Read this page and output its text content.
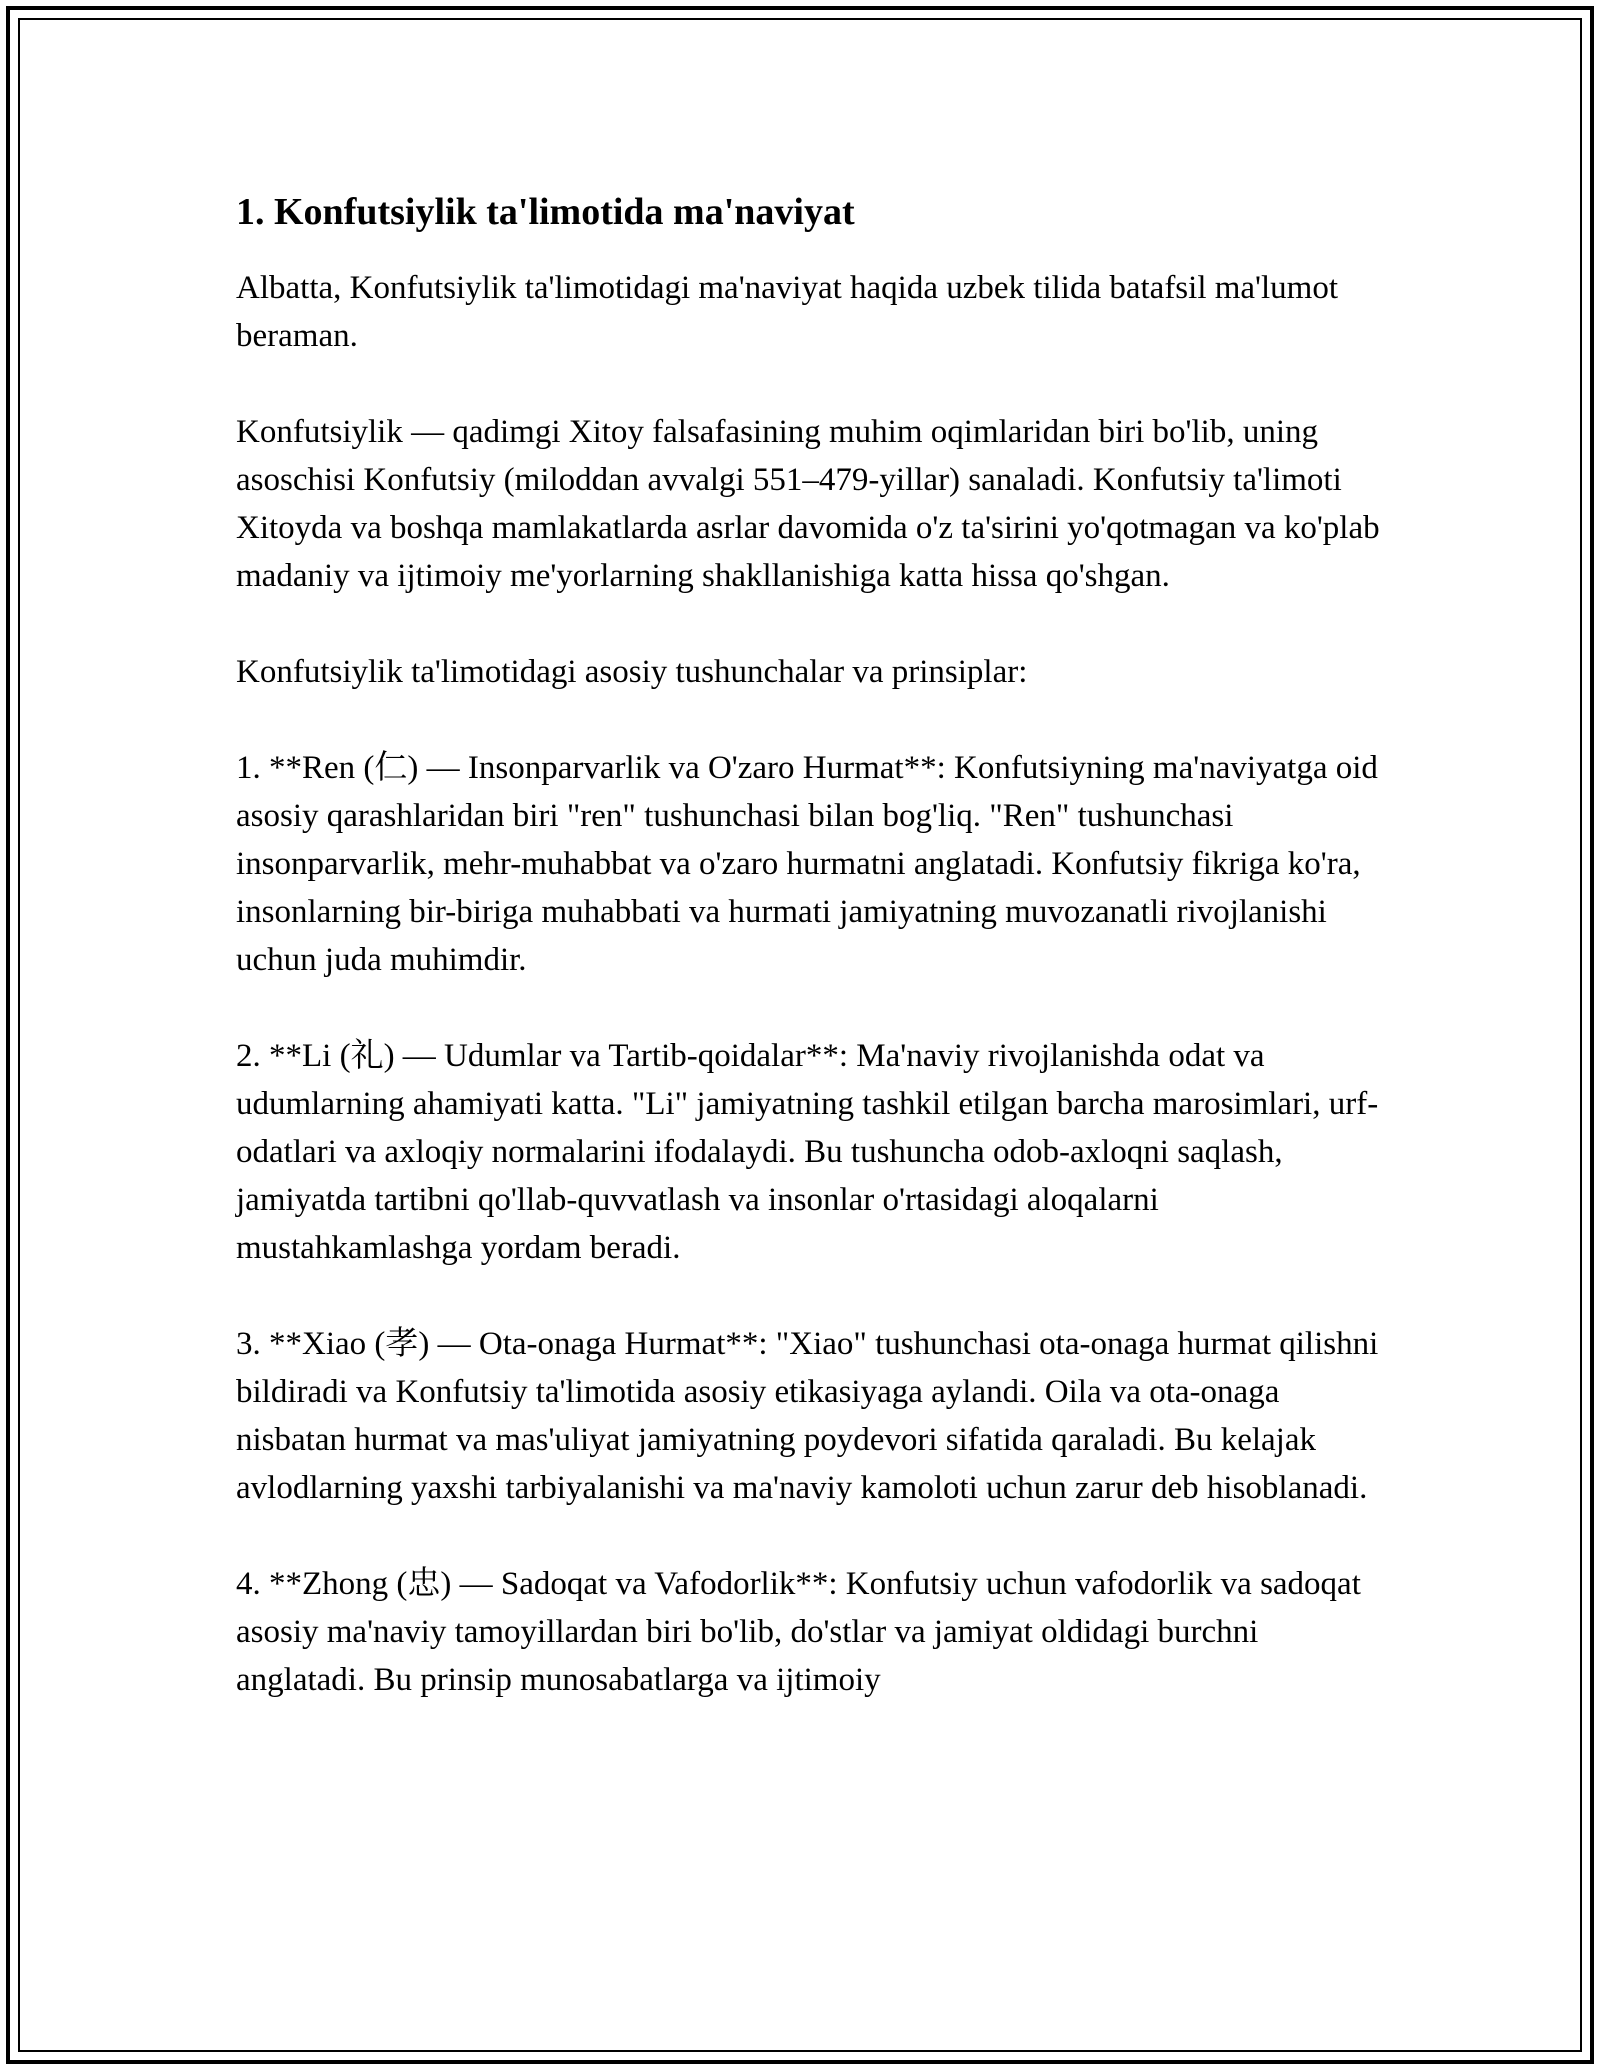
1. Konfutsiylik ta'limotida ma'naviyat

Albatta, Konfutsiylik ta'limotidagi ma'naviyat haqida uzbek tilida batafsil ma'lumot beraman.

Konfutsiylik — qadimgi Xitoy falsafasining muhim oqimlaridan biri bo'lib, uning asoschisi Konfutsiy (miloddan avvalgi 551–479-yillar) sanaladi. Konfutsiy ta'limoti Xitoyda va boshqa mamlakatlarda asrlar davomida o'z ta'sirini yo'qotmagan va ko'plab madaniy va ijtimoiy me'yorlarning shakllanishiga katta hissa qo'shgan.

Konfutsiylik ta'limotidagi asosiy tushunchalar va prinsiplar:

1. **Ren (仁) — Insonparvarlik va O'zaro Hurmat**: Konfutsiyning ma'naviyatga oid asosiy qarashlaridan biri "ren" tushunchasi bilan bog'liq. "Ren" tushunchasi insonparvarlik, mehr-muhabbat va o'zaro hurmatni anglatadi. Konfutsiy fikriga ko'ra, insonlarning bir-biriga muhabbati va hurmati jamiyatning muvozanatli rivojlanishi uchun juda muhimdir.

2. **Li (礼) — Udumlar va Tartib-qoidalar**: Ma'naviy rivojlanishda odat va udumlarning ahamiyati katta. "Li" jamiyatning tashkil etilgan barcha marosimlari, urf-odatlari va axloqiy normalarini ifodalaydi. Bu tushuncha odob-axloqni saqlash, jamiyatda tartibni qo'llab-quvvatlash va insonlar o'rtasidagi aloqalarni mustahkamlashga yordam beradi.

3. **Xiao (孝) — Ota-onaga Hurmat**: "Xiao" tushunchasi ota-onaga hurmat qilishni bildiradi va Konfutsiy ta'limotida asosiy etikasiyaga aylandi. Oila va ota-onaga nisbatan hurmat va mas'uliyat jamiyatning poydevori sifatida qaraladi. Bu kelajak avlodlarning yaxshi tarbiyalanishi va ma'naviy kamoloti uchun zarur deb hisoblanadi.

4. **Zhong (忠) — Sadoqat va Vafodorlik**: Konfutsiy uchun vafodorlik va sadoqat asosiy ma'naviy tamoyillardan biri bo'lib, do'stlar va jamiyat oldidagi burchni anglatadi. Bu prinsip munosabatlarga va ijtimoiy
